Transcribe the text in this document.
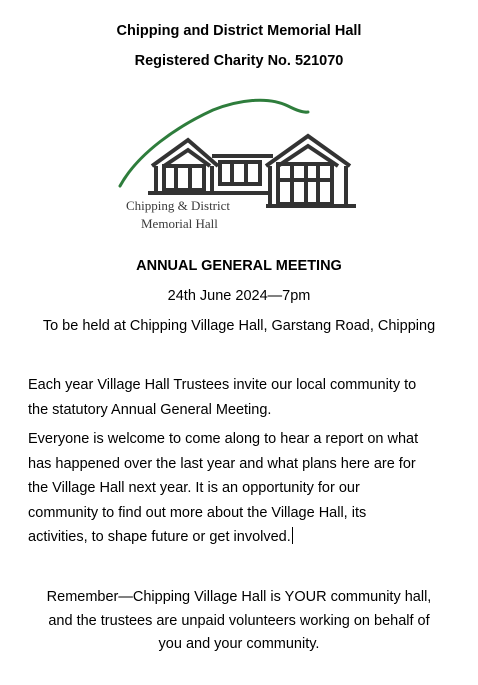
Chipping and District Memorial Hall
Registered Charity No. 521070
Chipping & District
Memorial Hall
ANNUAL GENERAL MEETING
24th June 2024—7pm
To be held at Chipping Village Hall, Garstang Road, Chipping
Each year Village Hall Trustees invite our local community to
the statutory Annual General Meeting.
Everyone is welcome to come along to hear a report on what
has happened over the last year and what plans here are for
the Village Hall next year. It is an opportunity for our
community to find out more about the Village Hall, its
activities, to shape future or get involved.
Remember—Chipping Village Hall is YOUR community hall,
and the trustees are unpaid volunteers working on behalf of
you and your community.
